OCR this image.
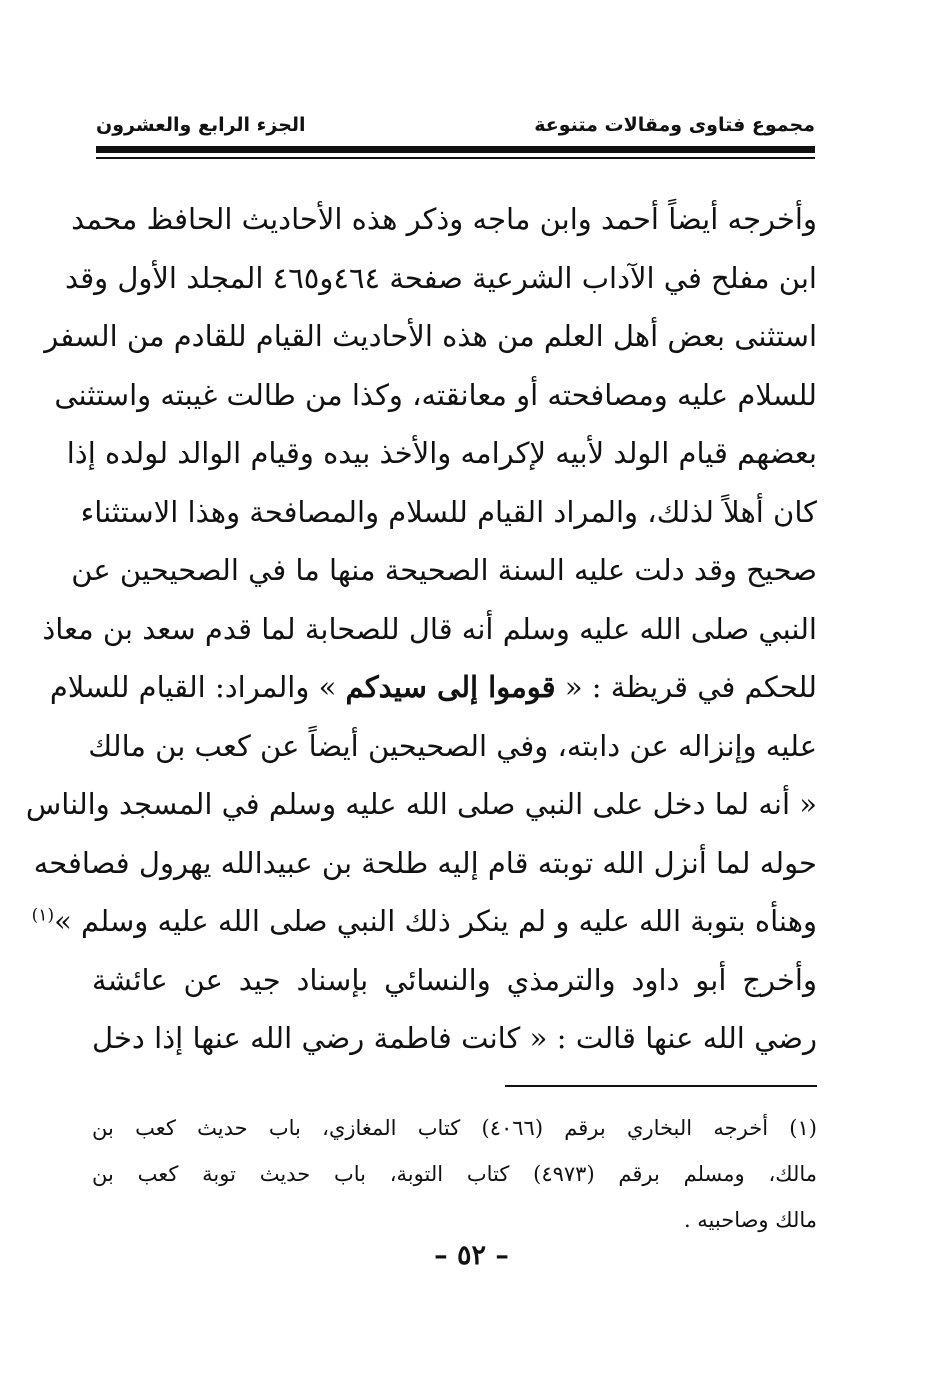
مجموع فتاوى ومقالات متنوعة
الجزء الرابع والعشرون
وأخرجه أيضاً أحمد وابن ماجه وذكر هذه الأحاديث الحافظ محمد
ابن مفلح في الآداب الشرعية صفحة ٤٦٤و٤٦٥ المجلد الأول وقد
استثنى بعض أهل العلم من هذه الأحاديث القيام للقادم من السفر
للسلام عليه ومصافحته أو معانقته، وكذا من طالت غيبته واستثنى
بعضهم قيام الولد لأبيه لإكرامه والأخذ بيده وقيام الوالد لولده إذا
كان أهلاً لذلك، والمراد القيام للسلام والمصافحة وهذا الاستثناء
صحيح وقد دلت عليه السنة الصحيحة منها ما في الصحيحين عن
النبي صلى الله عليه وسلم أنه قال للصحابة لما قدم سعد بن معاذ
للحكم في قريظة : « قوموا إلى سيدكم » والمراد: القيام للسلام
عليه وإنزاله عن دابته، وفي الصحيحين أيضاً عن كعب بن مالك
« أنه لما دخل على النبي صلى الله عليه وسلم في المسجد والناس
حوله لما أنزل الله توبته قام إليه طلحة بن عبيدالله يهرول فصافحه
وهنأه بتوبة الله عليه و لم ينكر ذلك النبي صلى الله عليه وسلم »$^{(١)}$
وأخرج أبو داود والترمذي والنسائي بإسناد جيد عن عائشة
رضي الله عنها قالت : « كانت فاطمة رضي الله عنها إذا دخل
(١) أخرجه البخاري برقم (٤٠٦٦) كتاب المغازي، باب حديث كعب بن
مالك، ومسلم برقم (٤٩٧٣) كتاب التوبة، باب حديث توبة كعب بن
مالك وصاحبيه .
– ٥٢ –
